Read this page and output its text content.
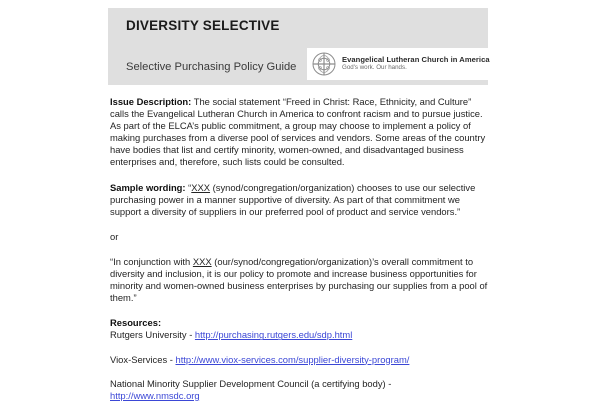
DIVERSITY SELECTIVE
Selective Purchasing Policy Guide
Evangelical Lutheran Church in America
God's work. Our hands.

Issue Description: The social statement “Freed in Christ: Race, Ethnicity, and Culture” calls the Evangelical Lutheran Church in America to confront racism and to pursue justice. As part of the ELCA’s public commitment, a group may choose to implement a policy of making purchases from a diverse pool of services and vendors. Some areas of the country have bodies that list and certify minority, women-owned, and disadvantaged business enterprises and, therefore, such lists could be consulted.

Sample wording: “XXX (synod/congregation/organization) chooses to use our selective purchasing power in a manner supportive of diversity. As part of that commitment we support a diversity of suppliers in our preferred pool of product and service vendors.”

or

“In conjunction with XXX (our/synod/congregation/organization)’s overall commitment to diversity and inclusion, it is our policy to promote and increase business opportunities for minority and women-owned business enterprises by purchasing our supplies from a pool of them.”

Resources:

Rutgers University - http://purchasing.rutgers.edu/sdp.html

Viox-Services - http://www.viox-services.com/supplier-diversity-program/

National Minority Supplier Development Council (a certifying body) -
http://www.nmsdc.org
